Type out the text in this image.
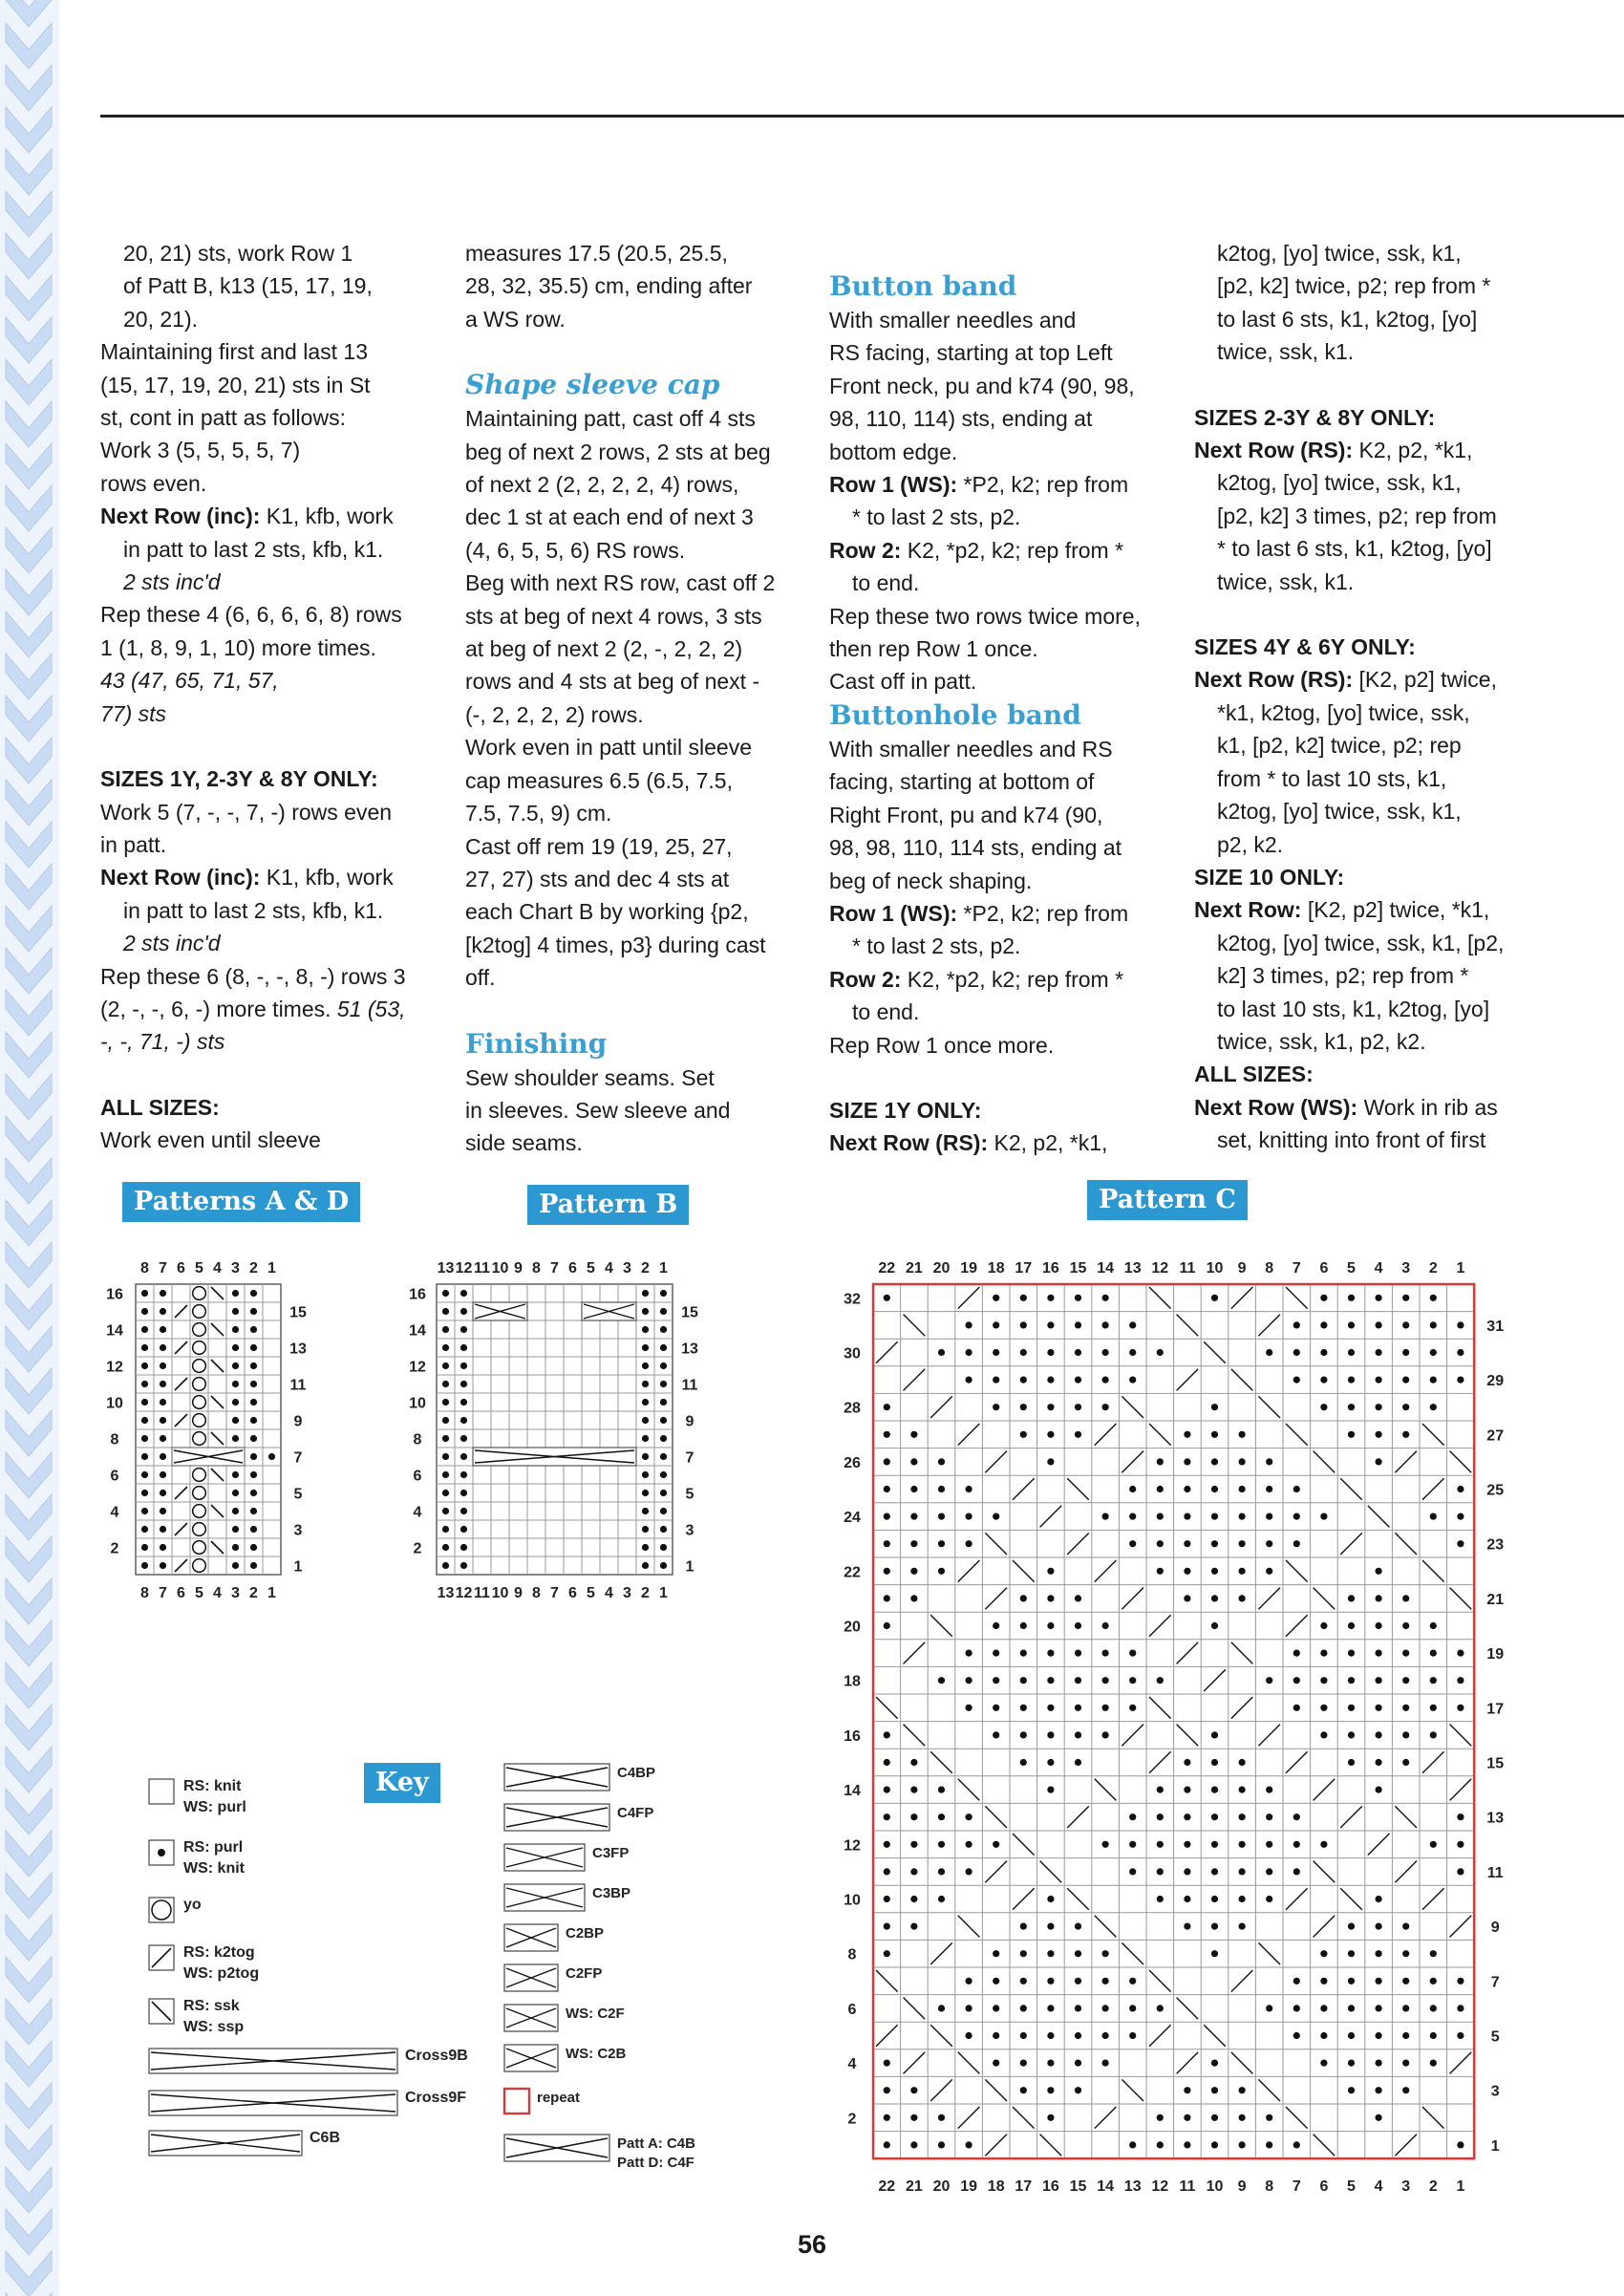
20, 21) sts, work Row 1

of Patt B, k13 (15, 17, 19,

20, 21).

Maintaining first and last 13

(15, 17, 19, 20, 21) sts in St

st, cont in patt as follows:

Work 3 (5, 5, 5, 5, 7)

rows even.

Next Row (inc): K1, kfb, work

in patt to last 2 sts, kfb, k1.

2 sts inc'd

Rep these 4 (6, 6, 6, 6, 8) rows

1 (1, 8, 9, 1, 10) more times.

43 (47, 65, 71, 57,

77) sts

SIZES 1Y, 2-3Y & 8Y ONLY:

Work 5 (7, -, -, 7, -) rows even

in patt.

Next Row (inc): K1, kfb, work

in patt to last 2 sts, kfb, k1.

2 sts inc'd

Rep these 6 (8, -, -, 8, -) rows 3

(2, -, -, 6, -) more times. 51 (53,

-, -, 71, -) sts

ALL SIZES:

Work even until sleeve

measures 17.5 (20.5, 25.5,

28, 32, 35.5) cm, ending after

a WS row.

Shape sleeve cap

Maintaining patt, cast off 4 sts

beg of next 2 rows, 2 sts at beg

of next 2 (2, 2, 2, 2, 4) rows,

dec 1 st at each end of next 3

(4, 6, 5, 5, 6) RS rows.

Beg with next RS row, cast off 2

sts at beg of next 4 rows, 3 sts

at beg of next 2 (2, -, 2, 2, 2)

rows and 4 sts at beg of next -

(-, 2, 2, 2, 2) rows.

Work even in patt until sleeve

cap measures 6.5 (6.5, 7.5,

7.5, 7.5, 9) cm.

Cast off rem 19 (19, 25, 27,

27, 27) sts and dec 4 sts at

each Chart B by working {p2,

[k2tog] 4 times, p3} during cast

off.

Finishing

Sew shoulder seams. Set

in sleeves. Sew sleeve and

side seams.

Button band

With smaller needles and

RS facing, starting at top Left

Front neck, pu and k74 (90, 98,

98, 110, 114) sts, ending at

bottom edge.

Row 1 (WS): *P2, k2; rep from

* to last 2 sts, p2.

Row 2: K2, *p2, k2; rep from *

to end.

Rep these two rows twice more,

then rep Row 1 once.

Cast off in patt.

Buttonhole band

With smaller needles and RS

facing, starting at bottom of

Right Front, pu and k74 (90,

98, 98, 110, 114 sts, ending at

beg of neck shaping.

Row 1 (WS): *P2, k2; rep from

* to last 2 sts, p2.

Row 2: K2, *p2, k2; rep from *

to end.

Rep Row 1 once more.

SIZE 1Y ONLY:

Next Row (RS): K2, p2, *k1,

k2tog, [yo] twice, ssk, k1,

[p2, k2] twice, p2; rep from *

to last 6 sts, k1, k2tog, [yo]

twice, ssk, k1.

SIZES 2-3Y & 8Y ONLY:

Next Row (RS): K2, p2, *k1,

k2tog, [yo] twice, ssk, k1,

[p2, k2] 3 times, p2; rep from

* to last 6 sts, k1, k2tog, [yo]

twice, ssk, k1.

SIZES 4Y & 6Y ONLY:

Next Row (RS): [K2, p2] twice,

*k1, k2tog, [yo] twice, ssk,

k1, [p2, k2] twice, p2; rep

from * to last 10 sts, k1,

k2tog, [yo] twice, ssk, k1,

p2, k2.

SIZE 10 ONLY:

Next Row: [K2, p2] twice, *k1,

k2tog, [yo] twice, ssk, k1, [p2,

k2] 3 times, p2; rep from *

to last 10 sts, k1, k2tog, [yo]

twice, ssk, k1, p2, k2.

ALL SIZES:

Next Row (WS): Work in rib as

set, knitting into front of first

Patterns A & D	Pattern B	Pattern C
Key
8
8
7
7
6
6
5
5
4
4
3
3
2
2
1
1
16
15
14
13
12
11
10
9
8
7
6
5
4
3
2
1
13
13
12
12
11
11
10
10
9
9
8
8
7
7
6
6
5
5
4
4
3
3
2
2
1
1
16
15
14
13
12
11
10
9
8
7
6
5
4
3
2
1
22
22
21
21
20
20
19
19
18
18
17
17
16
16
15
15
14
14
13
13
12
12
11
11
10
10
9
9
8
8
7
7
6
6
5
5
4
4
3
3
2
2
1
1
32
31
30
29
28
27
26
25
24
23
22
21
20
19
18
17
16
15
14
13
12
11
10
9
8
7
6
5
4
3
2
1
RS: knit
WS: purl
RS: purl
WS: knit
yo
RS: k2tog
WS: p2tog
RS: ssk
WS: ssp
Cross9B
Cross9F
C6B
C4BP
C4FP
C3FP
C3BP
C2BP
C2FP
WS: C2F
WS: C2B
repeat
Patt A: C4B
Patt D: C4F
56
